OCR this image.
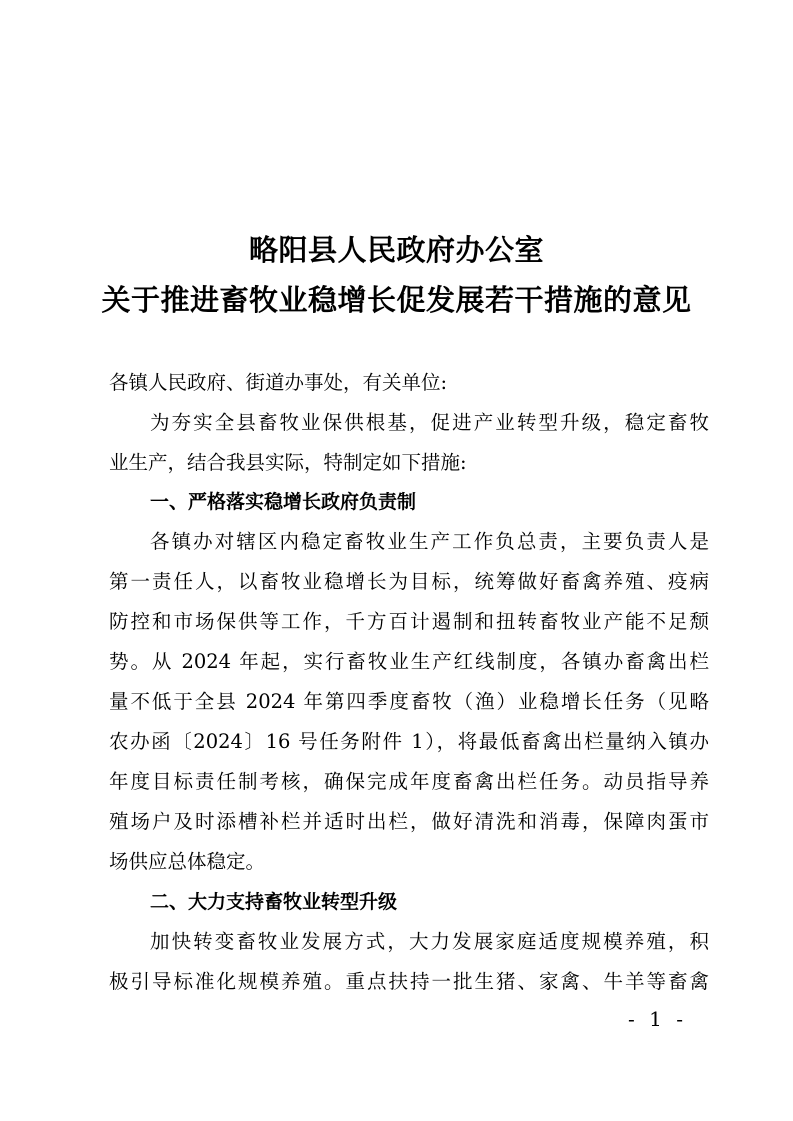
略阳县人民政府办公室
关于推进畜牧业稳增长促发展若干措施的意见
各镇人民政府、街道办事处，有关单位:
为夯实全县畜牧业保供根基，促进产业转型升级，稳定畜牧
业生产，结合我县实际，特制定如下措施:
一、严格落实稳增长政府负责制
各镇办对辖区内稳定畜牧业生产工作负总责，主要负责人是
第一责任人，以畜牧业稳增长为目标，统筹做好畜禽养殖、疫病
防控和市场保供等工作，千方百计遏制和扭转畜牧业产能不足颓
势。从 2024 年起，实行畜牧业生产红线制度，各镇办畜禽出栏
量不低于全县 2024 年第四季度畜牧（渔）业稳增长任务（见略
农办函〔2024〕16 号任务附件 1），将最低畜禽出栏量纳入镇办
年度目标责任制考核，确保完成年度畜禽出栏任务。动员指导养
殖场户及时添槽补栏并适时出栏，做好清洗和消毒，保障肉蛋市
场供应总体稳定。
二、大力支持畜牧业转型升级
加快转变畜牧业发展方式，大力发展家庭适度规模养殖，积
极引导标准化规模养殖。重点扶持一批生猪、家禽、牛羊等畜禽
- 1 -
